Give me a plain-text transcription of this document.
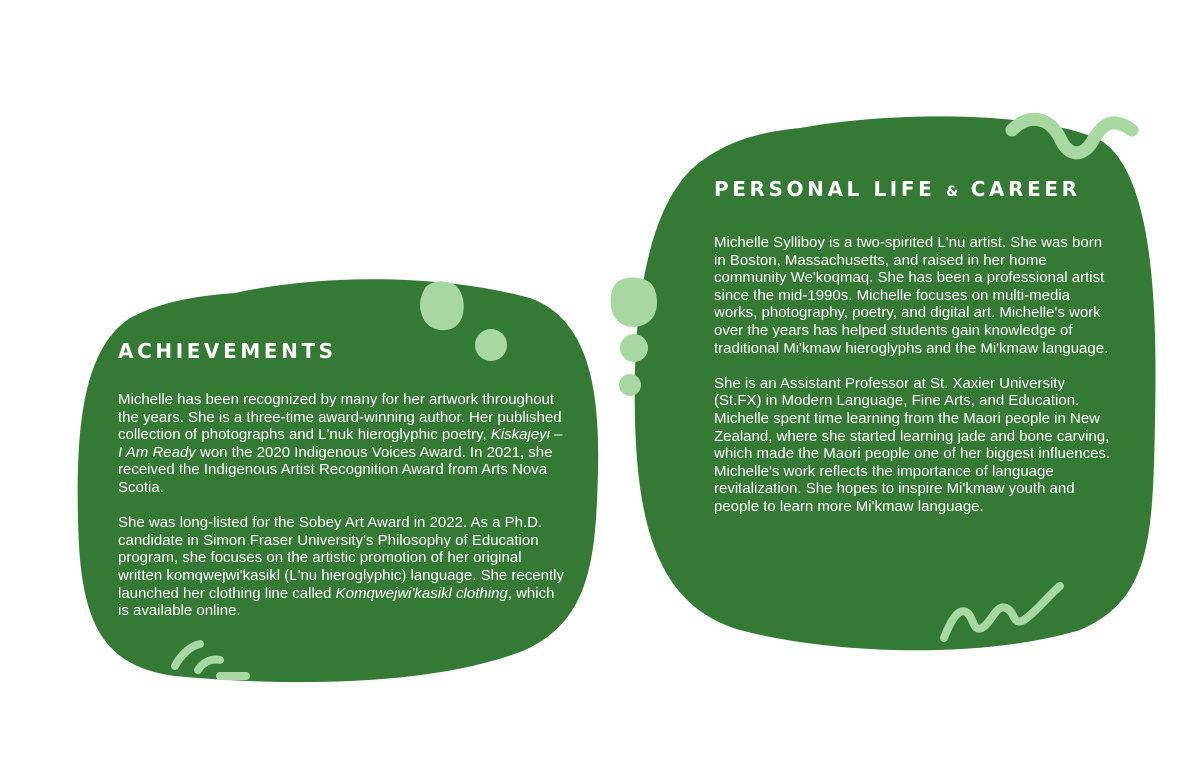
ACHIEVEMENTS

Michelle has been recognized by many for her artwork throughout the years. She is a three-time award-winning author. Her published collection of photographs and L'nuk hieroglyphic poetry, Kiskajeyi – I Am Ready won the 2020 Indigenous Voices Award. In 2021, she received the Indigenous Artist Recognition Award from Arts Nova Scotia.

She was long-listed for the Sobey Art Award in 2022. As a Ph.D. candidate in Simon Fraser University's Philosophy of Education program, she focuses on the artistic promotion of her original written komqwejwi'kasikl (L'nu hieroglyphic) language. She recently launched her clothing line called Komqwejwi'kasikl clothing, which is available online.

PERSONAL LIFE & CAREER

Michelle Sylliboy is a two-spirited L'nu artist. She was born in Boston, Massachusetts, and raised in her home community We'koqmaq. She has been a professional artist since the mid-1990s. Michelle focuses on multi-media works, photography, poetry, and digital art. Michelle's work over the years has helped students gain knowledge of traditional Mi'kmaw hieroglyphs and the Mi'kmaw language.

She is an Assistant Professor at St. Xaxier University (St.FX) in Modern Language, Fine Arts, and Education. Michelle spent time learning from the Maori people in New Zealand, where she started learning jade and bone carving, which made the Maori people one of her biggest influences. Michelle's work reflects the importance of language revitalization. She hopes to inspire Mi'kmaw youth and people to learn more Mi'kmaw language.
